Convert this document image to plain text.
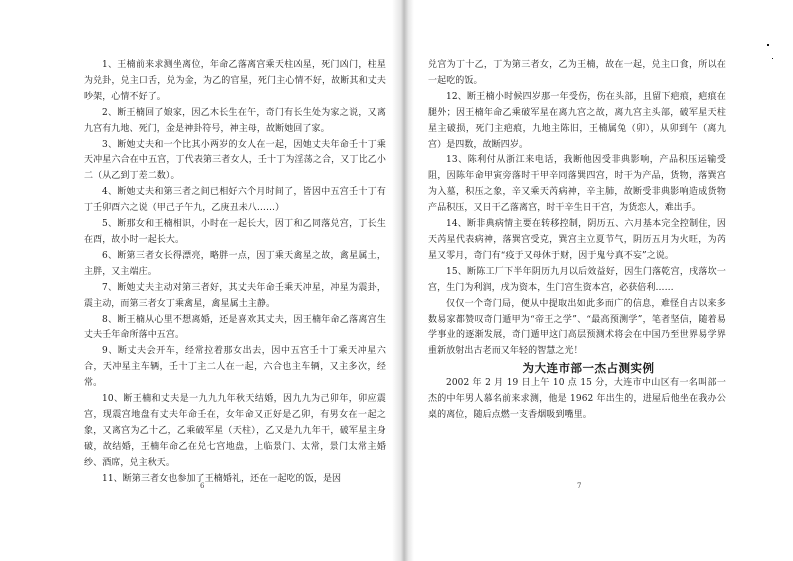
1、王楠前来求测坐离位，年命乙落离宫乘天柱凶星，死门凶门，柱星为兑卦，兑主口舌，兑为金，为乙的官星，死门主心情不好，故断其和丈夫吵架，心情不好了。

2、断王楠回了娘家，因乙木长生在午，奇门有长生处为家之说，又离九宫有九地、死门，金是神卦符号，神主母，故断她回了家。

3、断她丈夫和一个比其小两岁的女人在一起，因她丈夫年命壬十丁乘天冲星六合在中五宫，丁代表第三者女人，壬十丁为淫荡之合，又丁比乙小二（从乙到丁差二数）。

4、断她丈夫和第三者之间已相好六个月时间了，皆因中五宫壬十丁有丁壬卯酉六之说（甲己子午九，乙庚丑未八……）

5、断那女和王楠相识，小时在一起长大，因丁和乙同落兑宫，丁长生在酉，故小时一起长大。

6、断第三者女长得漂亮，略胖一点，因丁乘天禽星之故，禽星属土，主胖，又主端庄。

7、断她丈夫主动对第三者好，其丈夫年命壬乘天冲星，冲星为震卦，震主动，而第三者女丁乘禽星，禽星属土主静。

8、断王楠从心里不想离婚，还是喜欢其丈夫，因王楠年命乙落离宫生丈夫壬年命所落中五宫。

9、断丈夫会开车，经常拉着那女出去，因中五宫壬十丁乘天冲星六合，天冲星主车辆，壬十丁主二人在一起，六合也主车辆，又主多次，经常。

10、断王楠和丈夫是一九九九年秋天结婚，因九九为己卯年，卯应震宫，现震宫地盘有丈夫年命壬在，女年命又正好是乙卯，有男女在一起之象，又离宫为乙十乙，乙乘破军星（天柱），乙又是九九年干，破军星主身破，故结婚，王楠年命乙在兑七宫地盘，上临景门、太常，景门太常主婚纱、酒席，兑主秋天。

11、断第三者女也参加了王楠婚礼，还在一起吃的饭，是因

6

兑宫为丁十乙，丁为第三者女，乙为王楠，故在一起，兑主口食，所以在一起吃的饭。

12、断王楠小时候四岁那一年受伤，伤在头部，且留下疤痕，疤痕在腿外；因王楠年命乙乘破军星在离九宫之故，离九宫主头部，破军星天柱星主破损，死门主疤痕，九地主陈旧，王楠属兔（卯），从卯到午（离九宫）是四数，故断四岁。

13、陈利付从浙江来电话，我断他因受非典影响，产品积压运输受阻，因陈年命甲寅旁落时干甲辛同落巽四宫，时干为产品，货物，落巽宫为入墓，积压之象，辛又乘天芮病神，辛主肺，故断受非典影响造成货物产品积压，又日干乙落离宫，时干辛生日干宫，为货恋人，难出手。

14、断非典病情主要在转移控制，阴历五、六月基本完全控制住，因天芮星代表病神，落巽宫受克，巽宫主立夏节气，阴历五月为火旺，为芮星又零月，奇门有“疫于又母休于财，因于鬼兮真不妄”之说。

15、断陈工厂下半年阴历九月以后效益好，因生门落乾宫，戌落坎一宫，生门为利润，戌为资本，生门宫生资本宫，必获倍利……

仅仅一个奇门局，便从中提取出如此多而广的信息，难怪自古以来多数易家都赞叹奇门遁甲为“帝王之学”、“最高预测学”，笔者坚信，随着易学事业的逐渐发展，奇门遁甲这门高层预测术将会在中国乃至世界易学界重新放射出古老而又年轻的智慧之光！

为大连市部一杰占测实例

2002 年 2 月 19 日上午 10 点 15 分，大连市中山区有一名叫部一杰的中年男人慕名前来求测，他是 1962 年出生的，进屋后他坐在我办公桌的离位，随后点燃一支香烟吸到嘴里。

7
